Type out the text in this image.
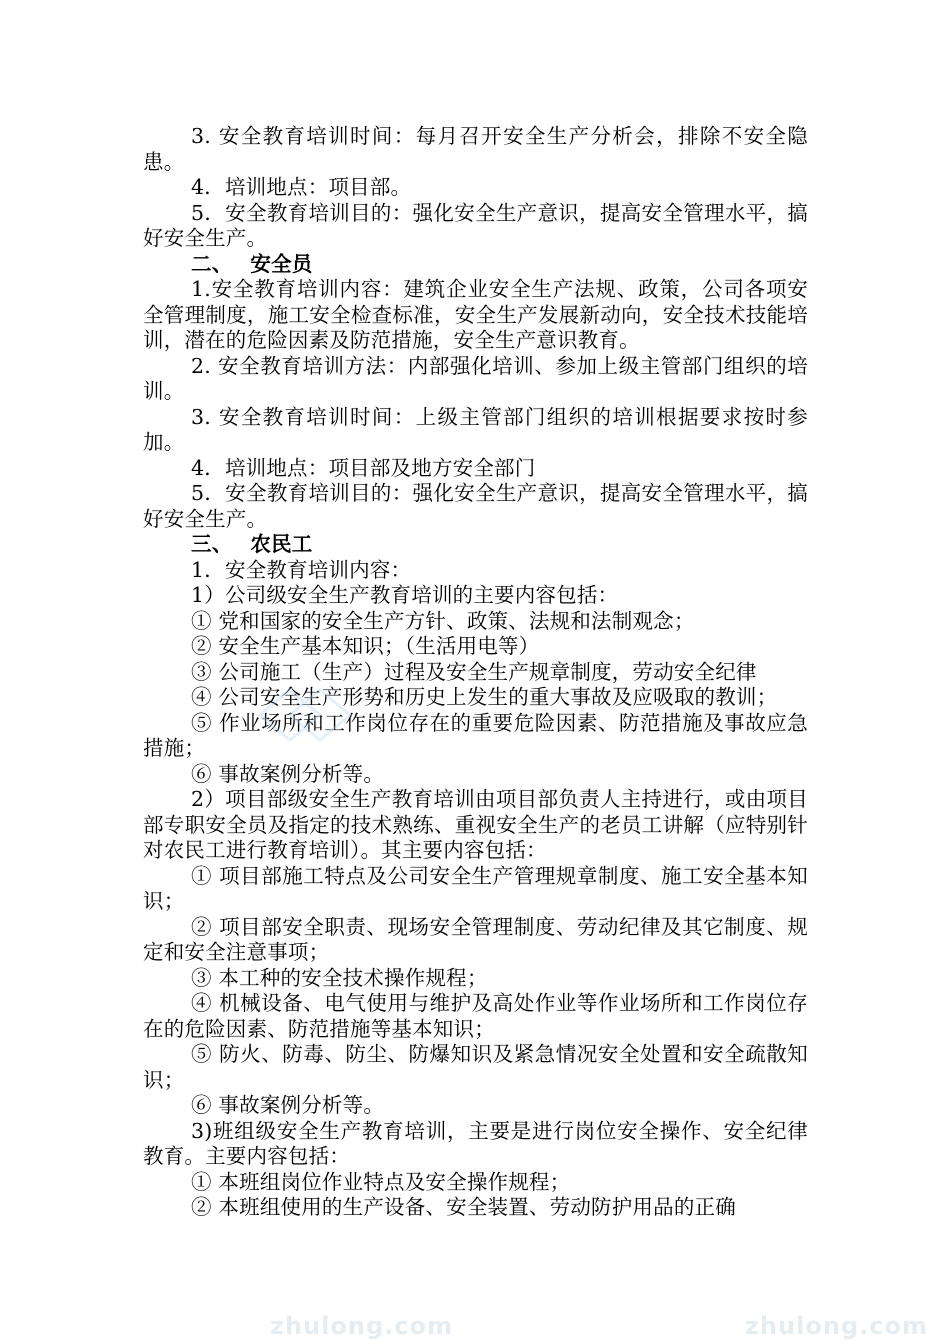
3. 安全教育培训时间：每月召开安全生产分析会，排除不安全隐患。

4．培训地点：项目部。

5．安全教育培训目的：强化安全生产意识，提高安全管理水平，搞好安全生产。

二、 安全员

1.安全教育培训内容：建筑企业安全生产法规、政策，公司各项安全管理制度，施工安全检查标准，安全生产发展新动向，安全技术技能培训，潜在的危险因素及防范措施，安全生产意识教育。

2. 安全教育培训方法：内部强化培训、参加上级主管部门组织的培训。

3. 安全教育培训时间：上级主管部门组织的培训根据要求按时参加。

4．培训地点：项目部及地方安全部门

5．安全教育培训目的：强化安全生产意识，提高安全管理水平，搞好安全生产。

三、 农民工

1．安全教育培训内容：

1）公司级安全生产教育培训的主要内容包括：

① 党和国家的安全生产方针、政策、法规和法制观念；

② 安全生产基本知识；（生活用电等）

③ 公司施工（生产）过程及安全生产规章制度，劳动安全纪律

④ 公司安全生产形势和历史上发生的重大事故及应吸取的教训；

⑤ 作业场所和工作岗位存在的重要危险因素、防范措施及事故应急措施；

⑥ 事故案例分析等。

2）项目部级安全生产教育培训由项目部负责人主持进行，或由项目部专职安全员及指定的技术熟练、重视安全生产的老员工讲解（应特别针对农民工进行教育培训）。其主要内容包括：

① 项目部施工特点及公司安全生产管理规章制度、施工安全基本知识；

② 项目部安全职责、现场安全管理制度、劳动纪律及其它制度、规定和安全注意事项；

③ 本工种的安全技术操作规程；

④ 机械设备、电气使用与维护及高处作业等作业场所和工作岗位存在的危险因素、防范措施等基本知识；

⑤ 防火、防毒、防尘、防爆知识及紧急情况安全处置和安全疏散知识；

⑥ 事故案例分析等。

3)班组级安全生产教育培训，主要是进行岗位安全操作、安全纪律教育。主要内容包括：

① 本班组岗位作业特点及安全操作规程；

② 本班组使用的生产设备、安全装置、劳动防护用品的正确

zhulong.com	zhulong.com
